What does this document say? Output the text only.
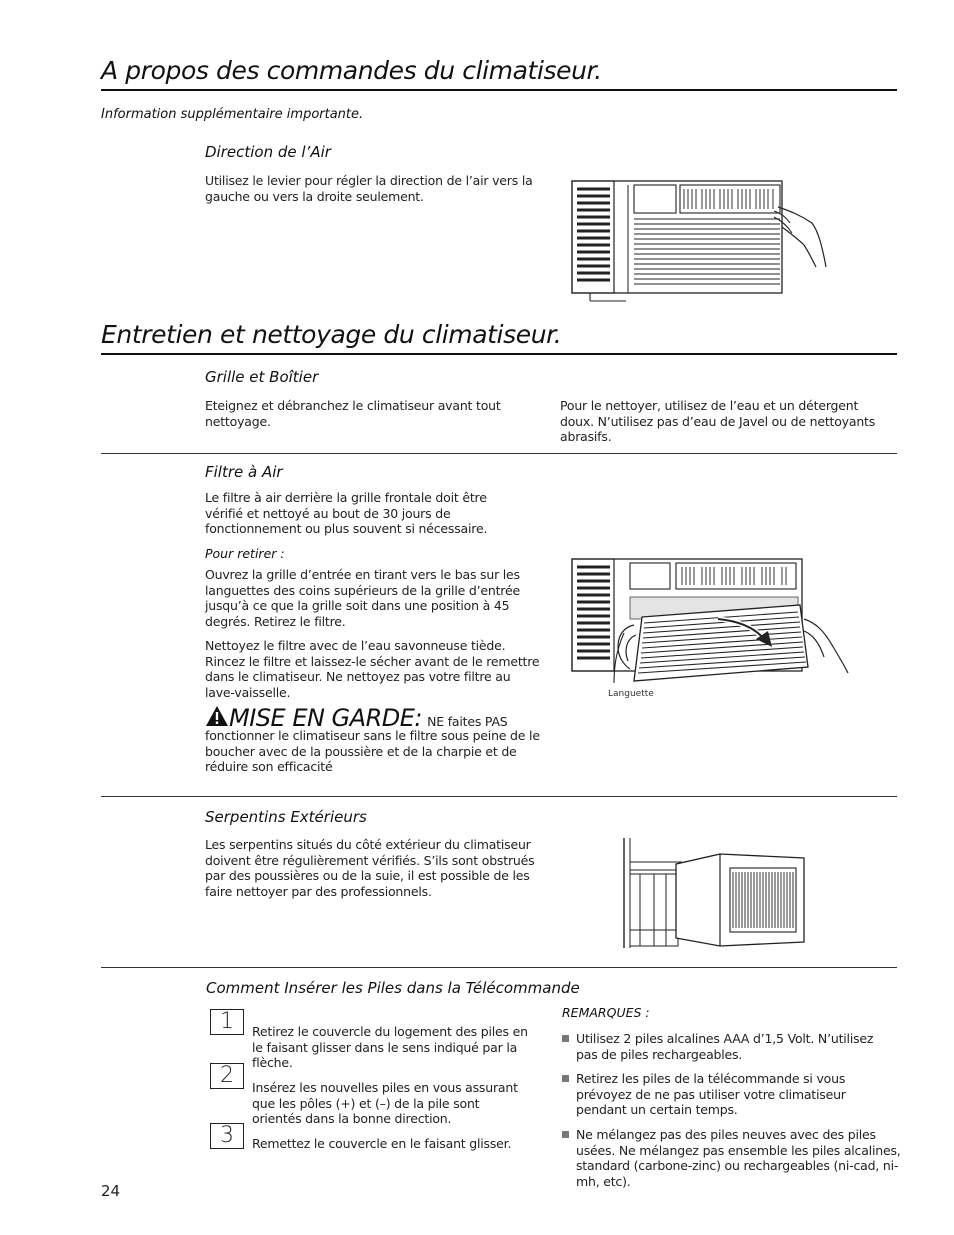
A propos des commandes du climatiseur.
Information supplémentaire importante.
Direction de l’Air
Utilisez le levier pour régler la direction de l’air vers la gauche ou vers la droite seulement.
Entretien et nettoyage du climatiseur.
Grille et Boîtier
Eteignez et débranchez le climatiseur avant tout nettoyage.
Pour le nettoyer, utilisez de l’eau et un détergent doux. N’utilisez pas d’eau de Javel ou de nettoyants abrasifs.
Filtre à Air
Le filtre à air derrière la grille frontale doit être vérifié et nettoyé au bout de 30 jours de fonctionnement ou plus souvent si nécessaire.
Pour retirer :
Ouvrez la grille d’entrée en tirant vers le bas sur les languettes des coins supérieurs de la grille d’entrée jusqu’à ce que la grille soit dans une position à 45 degrés. Retirez le filtre.
Nettoyez le filtre avec de l’eau savonneuse tiède. Rincez le filtre et laissez-le sécher avant de le remettre dans le climatiseur. Ne nettoyez pas votre filtre au lave-vaisselle.
MISE EN GARDE: NE faites PAS
fonctionner le climatiseur sans le filtre sous peine de le boucher avec de la poussière et de la charpie et de réduire son efficacité
Languette
Serpentins Extérieurs
Les serpentins situés du côté extérieur du climatiseur doivent être régulièrement vérifiés. S’ils sont obstrués par des poussières ou de la suie, il est possible de les faire nettoyer par des professionnels.
Comment Insérer les Piles dans la Télécommande
1	Retirez le couvercle du logement des piles en le faisant glisser dans le sens indiqué par la flèche.
2	Insérez les nouvelles piles en vous assurant que les pôles (+) et (–) de la pile sont orientés dans la bonne direction.
3	Remettez le couvercle en le faisant glisser.
REMARQUES :
Utilisez 2 piles alcalines AAA d’1,5 Volt. N’utilisez pas de piles rechargeables.
Retirez les piles de la télécommande si vous prévoyez de ne pas utiliser votre climatiseur pendant un certain temps.
Ne mélangez pas des piles neuves avec des piles usées. Ne mélangez pas ensemble les piles alcalines, standard (carbone-zinc) ou rechargeables (ni-cad, ni-mh, etc).
24
